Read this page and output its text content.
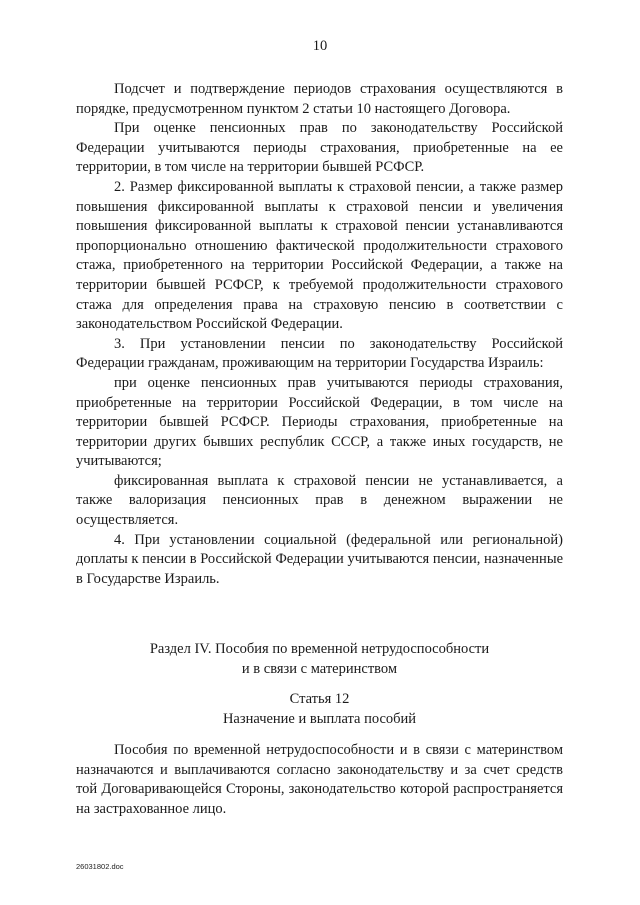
10

Подсчет и подтверждение периодов страхования осуществляются в порядке, предусмотренном пунктом 2 статьи 10 настоящего Договора.

При оценке пенсионных прав по законодательству Российской Федерации учитываются периоды страхования, приобретенные на ее территории, в том числе на территории бывшей РСФСР.

2. Размер фиксированной выплаты к страховой пенсии, а также размер повышения фиксированной выплаты к страховой пенсии и увеличения повышения фиксированной выплаты к страховой пенсии устанавливаются пропорционально отношению фактической продолжительности страхового стажа, приобретенного на территории Российской Федерации, а также на территории бывшей РСФСР, к требуемой продолжительности страхового стажа для определения права на страховую пенсию в соответствии с законодательством Российской Федерации.

3. При установлении пенсии по законодательству Российской Федерации гражданам, проживающим на территории Государства Израиль:

при оценке пенсионных прав учитываются периоды страхования, приобретенные на территории Российской Федерации, в том числе на территории бывшей РСФСР. Периоды страхования, приобретенные на территории других бывших республик СССР, а также иных государств, не учитываются;

фиксированная выплата к страховой пенсии не устанавливается, а также валоризация пенсионных прав в денежном выражении не осуществляется.

4. При установлении социальной (федеральной или региональной) доплаты к пенсии в Российской Федерации учитываются пенсии, назначенные в Государстве Израиль.

Раздел IV. Пособия по временной нетрудоспособности
и в связи с материнством
Статья 12
Назначение и выплата пособий

Пособия по временной нетрудоспособности и в связи с материнством назначаются и выплачиваются согласно законодательству и за счет средств той Договаривающейся Стороны, законодательство которой распространяется на застрахованное лицо.

26031802.doc
